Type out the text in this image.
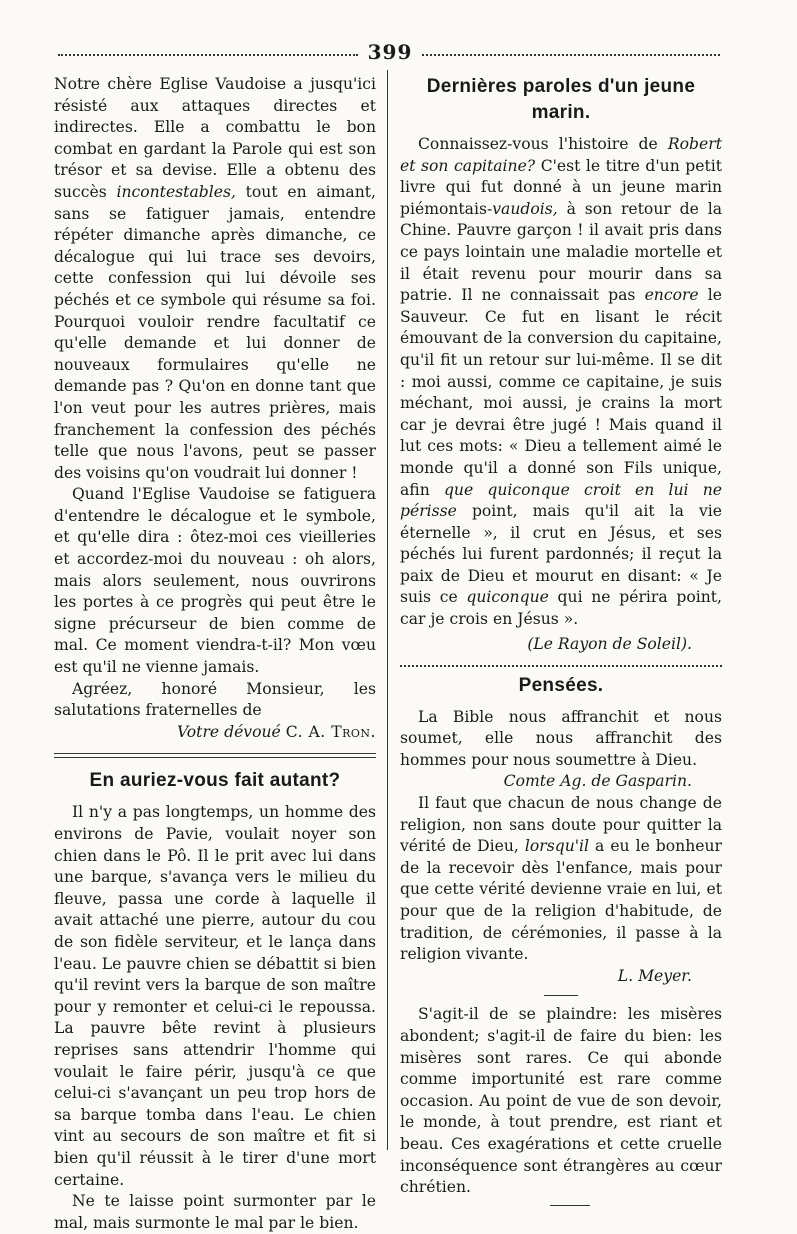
399

Notre chère Eglise Vaudoise a jusqu'ici résisté aux attaques directes et indirectes. Elle a combattu le bon combat en gardant la Parole qui est son trésor et sa devise. Elle a obtenu des succès incontestables, tout en aimant, sans se fatiguer jamais, entendre répéter dimanche après dimanche, ce décalogue qui lui trace ses devoirs, cette confession qui lui dévoile ses péchés et ce symbole qui résume sa foi. Pourquoi vouloir rendre facultatif ce qu'elle demande et lui donner de nouveaux formulaires qu'elle ne demande pas ? Qu'on en donne tant que l'on veut pour les autres prières, mais franchement la confession des péchés telle que nous l'avons, peut se passer des voisins qu'on voudrait lui donner !

Quand l'Eglise Vaudoise se fatiguera d'entendre le décalogue et le symbole, et qu'elle dira : ôtez-moi ces vieilleries et accordez-moi du nouveau : oh alors, mais alors seulement, nous ouvrirons les portes à ce progrès qui peut être le signe précurseur de bien comme de mal. Ce moment viendra-t-il? Mon vœu est qu'il ne vienne jamais.

Agréez, honoré Monsieur, les salutations fraternelles de

Votre dévoué C. A. Tron.

En auriez-vous fait autant?

Il n'y a pas longtemps, un homme des environs de Pavie, voulait noyer son chien dans le Pô. Il le prit avec lui dans une barque, s'avança vers le milieu du fleuve, passa une corde à laquelle il avait attaché une pierre, autour du cou de son fidèle serviteur, et le lança dans l'eau. Le pauvre chien se débattit si bien qu'il revint vers la barque de son maître pour y remonter et celui-ci le repoussa. La pauvre bête revint à plusieurs reprises sans attendrir l'homme qui voulait le faire périr, jusqu'à ce que celui-ci s'avançant un peu trop hors de sa barque tomba dans l'eau. Le chien vint au secours de son maître et fit si bien qu'il réussit à le tirer d'une mort certaine.

Ne te laisse point surmonter par le mal, mais surmonte le mal par le bien.

Dernières paroles d'un jeune marin.

Connaissez-vous l'histoire de Robert et son capitaine? C'est le titre d'un petit livre qui fut donné à un jeune marin piémontais-vaudois, à son retour de la Chine. Pauvre garçon ! il avait pris dans ce pays lointain une maladie mortelle et il était revenu pour mourir dans sa patrie. Il ne connaissait pas encore le Sauveur. Ce fut en lisant le récit émouvant de la conversion du capitaine, qu'il fit un retour sur lui-même. Il se dit : moi aussi, comme ce capitaine, je suis méchant, moi aussi, je crains la mort car je devrai être jugé ! Mais quand il lut ces mots: « Dieu a tellement aimé le monde qu'il a donné son Fils unique, afin que quiconque croit en lui ne périsse point, mais qu'il ait la vie éternelle », il crut en Jésus, et ses péchés lui furent pardonnés; il reçut la paix de Dieu et mourut en disant: « Je suis ce quiconque qui ne périra point, car je crois en Jésus ».

(Le Rayon de Soleil).

Pensées.

La Bible nous affranchit et nous soumet, elle nous affranchit des hommes pour nous soumettre à Dieu.

Comte Ag. de Gasparin.

Il faut que chacun de nous change de religion, non sans doute pour quitter la vérité de Dieu, lorsqu'il a eu le bonheur de la recevoir dès l'enfance, mais pour que cette vérité devienne vraie en lui, et pour que de la religion d'habitude, de tradition, de cérémonies, il passe à la religion vivante.

L. Meyer.

S'agit-il de se plaindre: les misères abondent; s'agit-il de faire du bien: les misères sont rares. Ce qui abonde comme importunité est rare comme occasion. Au point de vue de son devoir, le monde, à tout prendre, est riant et beau. Ces exagérations et cette cruelle inconséquence sont étrangères au cœur chrétien.
